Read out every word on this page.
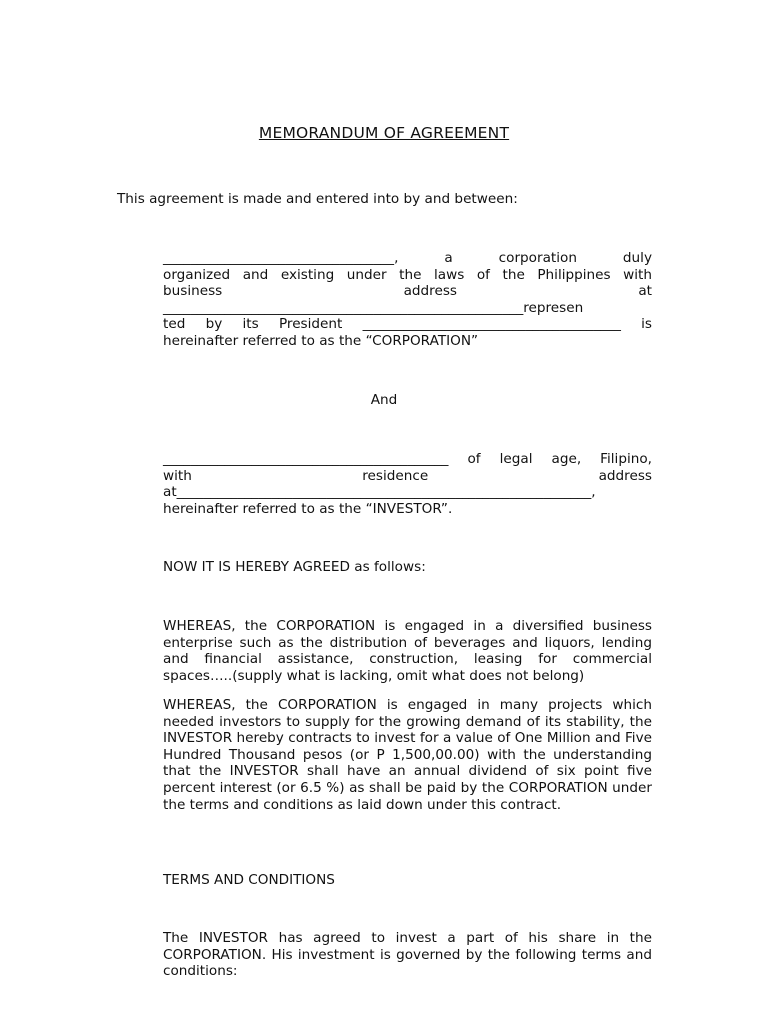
MEMORANDUM OF AGREEMENT
This agreement is made and entered into by and between:
__________________________________,  a  corporation  duly
organized and existing under the laws of the Philippines with
business address at
_____________________________________________________represen
ted by its President ______________________________________ is
hereinafter referred to as the “CORPORATION”
And
__________________________________________ of legal age, Filipino,
with residence address
at_____________________________________________________________,
hereinafter referred to as the “INVESTOR”.
NOW IT IS HEREBY AGREED as follows:
WHEREAS, the CORPORATION is engaged in a diversified business enterprise such as the distribution of beverages and liquors, lending and financial assistance, construction, leasing for commercial spaces…..(supply what is lacking, omit what does not belong)
WHEREAS, the CORPORATION is engaged in many projects which needed investors to supply for the growing demand of its stability, the INVESTOR hereby contracts to invest for a value of One Million and Five Hundred Thousand pesos (or P 1,500,00.00) with the understanding that the INVESTOR shall have an annual dividend of six point five percent interest (or 6.5 %) as shall be paid by the CORPORATION under the terms and conditions as laid down under this contract.
TERMS AND CONDITIONS
The INVESTOR has agreed to invest a part of his share in the CORPORATION. His investment is governed by the following terms and conditions:
